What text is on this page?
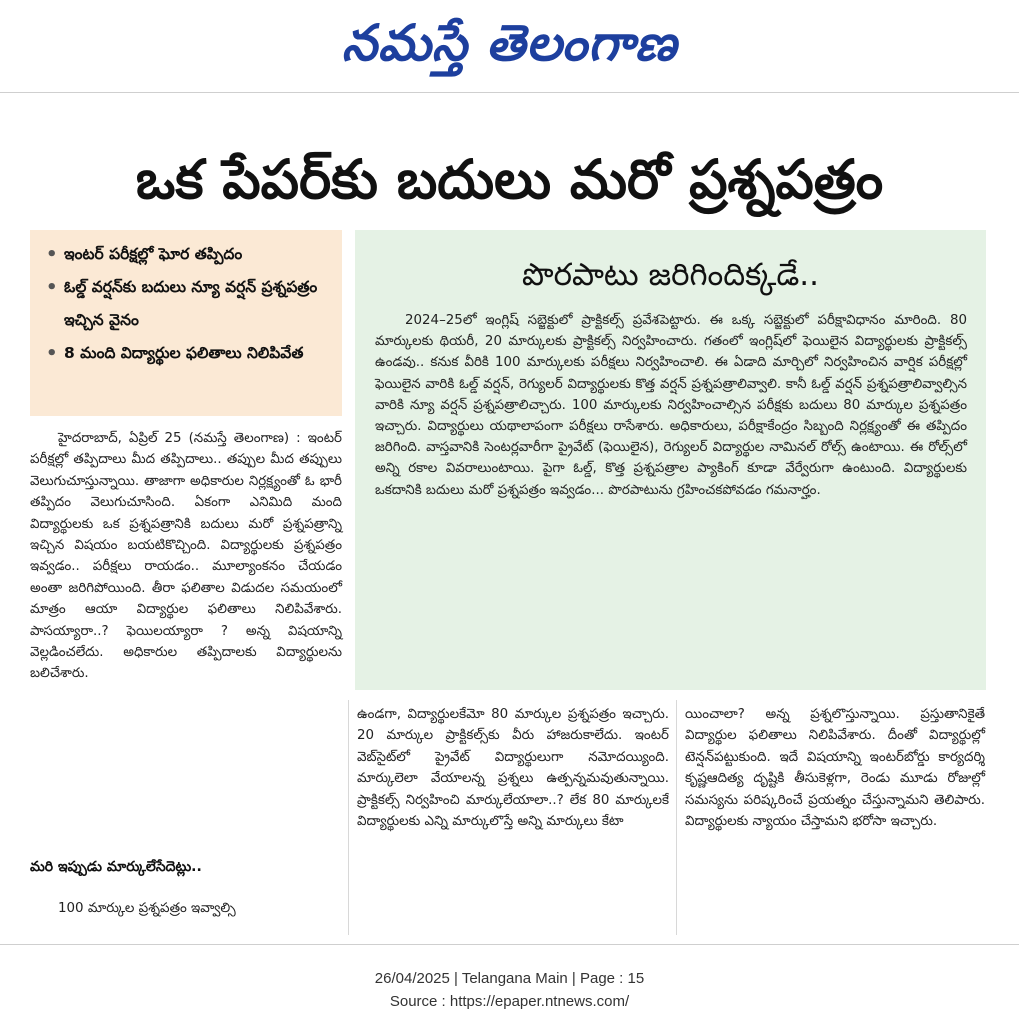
నమస్తే తెలంగాణ
ఒక పేపర్‌కు బదులు మరో ప్రశ్నపత్రం
• ఇంటర్ పరీక్షల్లో ఘోర తప్పిదం
• ఓల్డ్ వర్షన్‌కు బదులు న్యూ వర్షన్ ప్రశ్నపత్రం ఇచ్చిన వైనం
• 8 మంది విద్యార్థుల ఫలితాలు నిలిపివేత
పొరపాటు జరిగిందిక్కడే..
2024–25లో ఇంగ్లిష్ సబ్జెక్టులో ప్రాక్టికల్స్ ప్రవేశపెట్టారు. ఈ ఒక్క సబ్జెక్టులో పరీక్షావిధానం మారింది. 80 మార్కులకు థియరీ, 20 మార్కులకు ప్రాక్టికల్స్ నిర్వహించారు. గతంలో ఇంగ్లిష్‌లో ఫెయిలైన విద్యార్థులకు ప్రాక్టికల్స్ ఉండవు.. కనుక వీరికి 100 మార్కులకు పరీక్షలు నిర్వహించాలి. ఈ ఏడాది మార్చిలో నిర్వహించిన వార్షిక పరీక్షల్లో ఫెయిలైన వారికి ఓల్డ్ వర్షన్, రెగ్యులర్ విద్యార్థులకు కొత్త వర్షన్ ప్రశ్నపత్రాలివ్వాలి. కానీ ఓల్డ్ వర్షన్ ప్రశ్నపత్రాలివ్వాల్సిన వారికి న్యూ వర్షన్ ప్రశ్నపత్రాలిచ్చారు. 100 మార్కులకు నిర్వహించాల్సిన పరీక్షకు బదులు 80 మార్కుల ప్రశ్నపత్రం ఇచ్చారు. విద్యార్థులు యథాలాపంగా పరీక్షలు రాసేశారు. అధికారులు, పరీక్షాకేంద్రం సిబ్బంది నిర్లక్ష్యంతో ఈ తప్పిదం జరిగింది. వాస్తవానికి సెంటర్లవారీగా ప్రైవేట్ (ఫెయిలైన), రెగ్యులర్ విద్యార్థుల నామినల్ రోల్స్ ఉంటాయి. ఈ రోల్స్‌లో అన్ని రకాల వివరాలుంటాయి. పైగా ఓల్డ్, కొత్త ప్రశ్నపత్రాల ప్యాకింగ్ కూడా వేర్వేరుగా ఉంటుంది. విద్యార్థులకు ఒకదానికి బదులు మరో ప్రశ్నపత్రం ఇవ్వడం... పొరపాటును గ్రహించకపోవడం గమనార్హం.
హైదరాబాద్, ఏప్రిల్ 25 (నమస్తే తెలంగాణ) : ఇంటర్ పరీక్షల్లో తప్పిదాలు మీద తప్పిదాలు.. తప్పుల మీద తప్పులు వెలుగుచూస్తున్నాయి. తాజాగా అధికారుల నిర్లక్ష్యంతో ఓ భారీ తప్పిదం వెలుగుచూసింది. ఏకంగా ఎనిమిది మంది విద్యార్థులకు ఒక ప్రశ్నపత్రానికి బదులు మరో ప్రశ్నపత్రాన్ని ఇచ్చిన విషయం బయటికొచ్చింది. విద్యార్థులకు ప్రశ్నపత్రం ఇవ్వడం.. పరీక్షలు రాయడం.. మూల్యాంకనం చేయడం అంతా జరిగిపోయింది. తీరా ఫలితాల విడుదల సమయంలో మాత్రం ఆయా విద్యార్థుల ఫలితాలు నిలిపివేశారు. పాసయ్యారా..? ఫెయిలయ్యారా ? అన్న విషయాన్ని వెల్లడించలేదు. అధికారుల తప్పిదాలకు విద్యార్థులను బలిచేశారు.
మరి ఇప్పుడు మార్కులేసేదెట్లు..
100 మార్కుల ప్రశ్నపత్రం ఇవ్వాల్సి
ఉండగా, విద్యార్థులకేమో 80 మార్కుల ప్రశ్నపత్రం ఇచ్చారు. 20 మార్కుల ప్రాక్టికల్స్‌కు వీరు హాజరుకాలేదు. ఇంటర్ వెబ్‌సైట్‌లో ప్రైవేట్ విద్యార్థులుగా నమోదయ్యింది. మార్కులెలా వేయాలన్న ప్రశ్నలు ఉత్పన్నమవుతున్నాయి. ప్రాక్టికల్స్ నిర్వహించి మార్కులేయాలా..? లేక 80 మార్కులకే విద్యార్థులకు ఎన్ని మార్కులొస్తే అన్ని మార్కులు కేటా
యించాలా? అన్న ప్రశ్నలొస్తున్నాయి. ప్రస్తుతానికైతే విద్యార్థుల ఫలితాలు నిలిపివేశారు. దీంతో విద్యార్థుల్లో టెన్షన్‌పట్టుకుంది. ఇదే విషయాన్ని ఇంటర్‌బోర్డు కార్యదర్శి కృష్ణఆదిత్య దృష్టికి తీసుకెళ్లగా, రెండు మూడు రోజుల్లో సమస్యను పరిష్కరించే ప్రయత్నం చేస్తున్నామని తెలిపారు. విద్యార్థులకు న్యాయం చేస్తామని భరోసా ఇచ్చారు.
26/04/2025 | Telangana Main | Page : 15
Source : https://epaper.ntnews.com/
